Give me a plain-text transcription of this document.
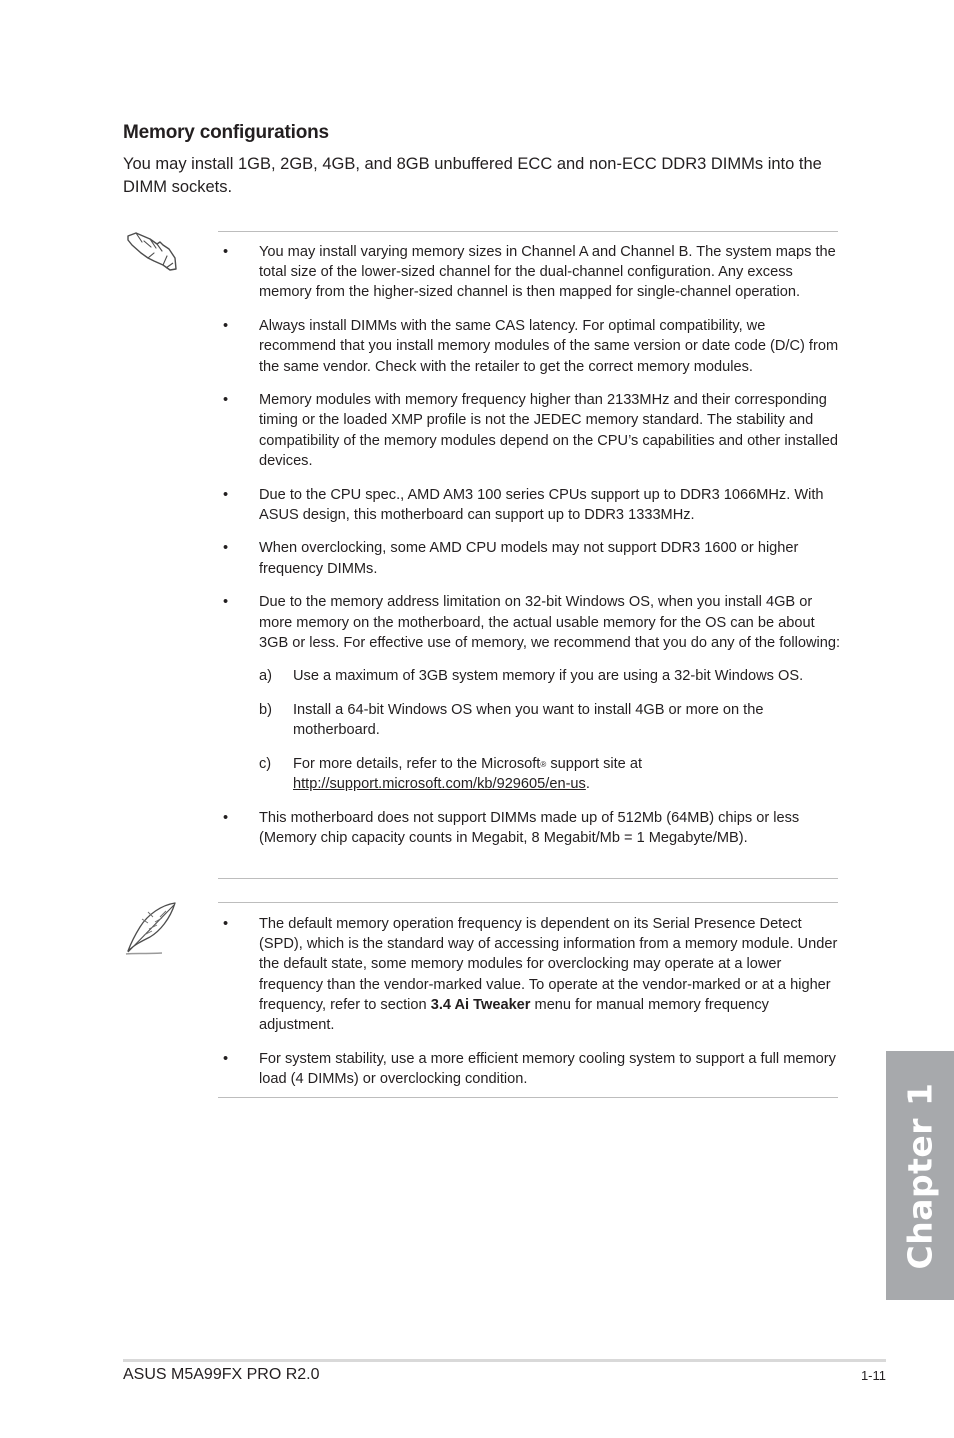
Memory configurations
You may install 1GB, 2GB, 4GB, and 8GB unbuffered ECC and non-ECC DDR3 DIMMs into the DIMM sockets.
•	You may install varying memory sizes in Channel A and Channel B. The system maps the total size of the lower-sized channel for the dual-channel configuration. Any excess memory from the higher-sized channel is then mapped for single-channel operation.
•	Always install DIMMs with the same CAS latency. For optimal compatibility, we recommend that you install memory modules of the same version or date code (D/C) from the same vendor. Check with the retailer to get the correct memory modules.
•	Memory modules with memory frequency higher than 2133MHz and their corresponding timing or the loaded XMP profile is not the JEDEC memory standard. The stability and compatibility of the memory modules depend on the CPU’s capabilities and other installed devices.
•	Due to the CPU spec., AMD AM3 100 series CPUs support up to DDR3 1066MHz. With ASUS design, this motherboard can support up to DDR3 1333MHz.
•	When overclocking, some AMD CPU models may not support DDR3 1600 or higher frequency DIMMs.
•	Due to the memory address limitation on 32-bit Windows OS, when you install 4GB or more memory on the motherboard, the actual usable memory for the OS can be about 3GB or less. For effective use of memory, we recommend that you do any of the following:
a) Use a maximum of 3GB system memory if you are using a 32-bit Windows OS.
b) Install a 64-bit Windows OS when you want to install 4GB or more on the motherboard.
c) For more details, refer to the Microsoft® support site at http://support.microsoft.com/kb/929605/en-us.
•	This motherboard does not support DIMMs made up of 512Mb (64MB) chips or less (Memory chip capacity counts in Megabit, 8 Megabit/Mb = 1 Megabyte/MB).
•	The default memory operation frequency is dependent on its Serial Presence Detect (SPD), which is the standard way of accessing information from a memory module. Under the default state, some memory modules for overclocking may operate at a lower frequency than the vendor-marked value. To operate at the vendor-marked or at a higher frequency, refer to section 3.4 Ai Tweaker menu for manual memory frequency adjustment.
•	For system stability, use a more efficient memory cooling system to support a full memory load (4 DIMMs) or overclocking condition.
Chapter 1
ASUS M5A99FX PRO R2.0	1-11
